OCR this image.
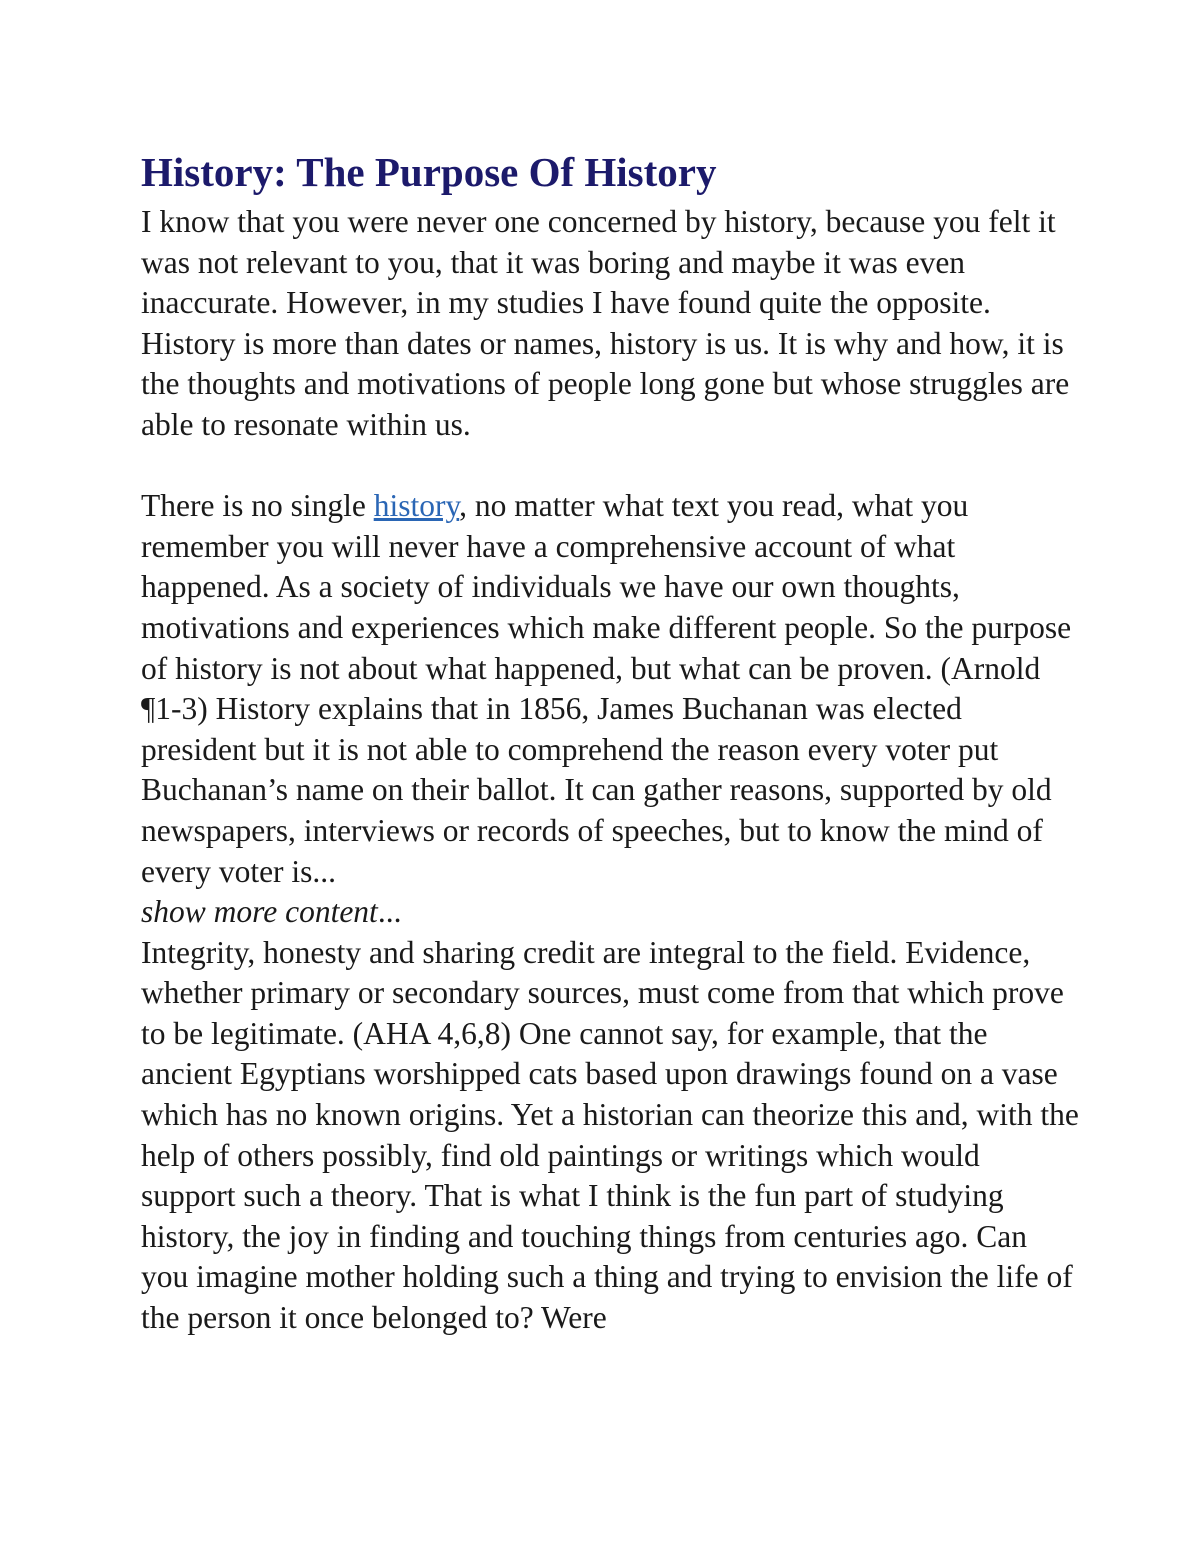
History: The Purpose Of History

I know that you were never one concerned by history, because you felt it was not relevant to you, that it was boring and maybe it was even inaccurate. However, in my studies I have found quite the opposite. History is more than dates or names, history is us. It is why and how, it is the thoughts and motivations of people long gone but whose struggles are able to resonate within us.

There is no single history, no matter what text you read, what you remember you will never have a comprehensive account of what happened. As a society of individuals we have our own thoughts, motivations and experiences which make different people. So the purpose of history is not about what happened, but what can be proven. (Arnold ¶1-3) History explains that in 1856, James Buchanan was elected president but it is not able to comprehend the reason every voter put Buchanan’s name on their ballot. It can gather reasons, supported by old newspapers, interviews or records of speeches, but to know the mind of every voter is...

show more content...

Integrity, honesty and sharing credit are integral to the field. Evidence, whether primary or secondary sources, must come from that which prove to be legitimate. (AHA 4,6,8) One cannot say, for example, that the ancient Egyptians worshipped cats based upon drawings found on a vase which has no known origins. Yet a historian can theorize this and, with the help of others possibly, find old paintings or writings which would support such a theory. That is what I think is the fun part of studying history, the joy in finding and touching things from centuries ago. Can you imagine mother holding such a thing and trying to envision the life of the person it once belonged to? Were
